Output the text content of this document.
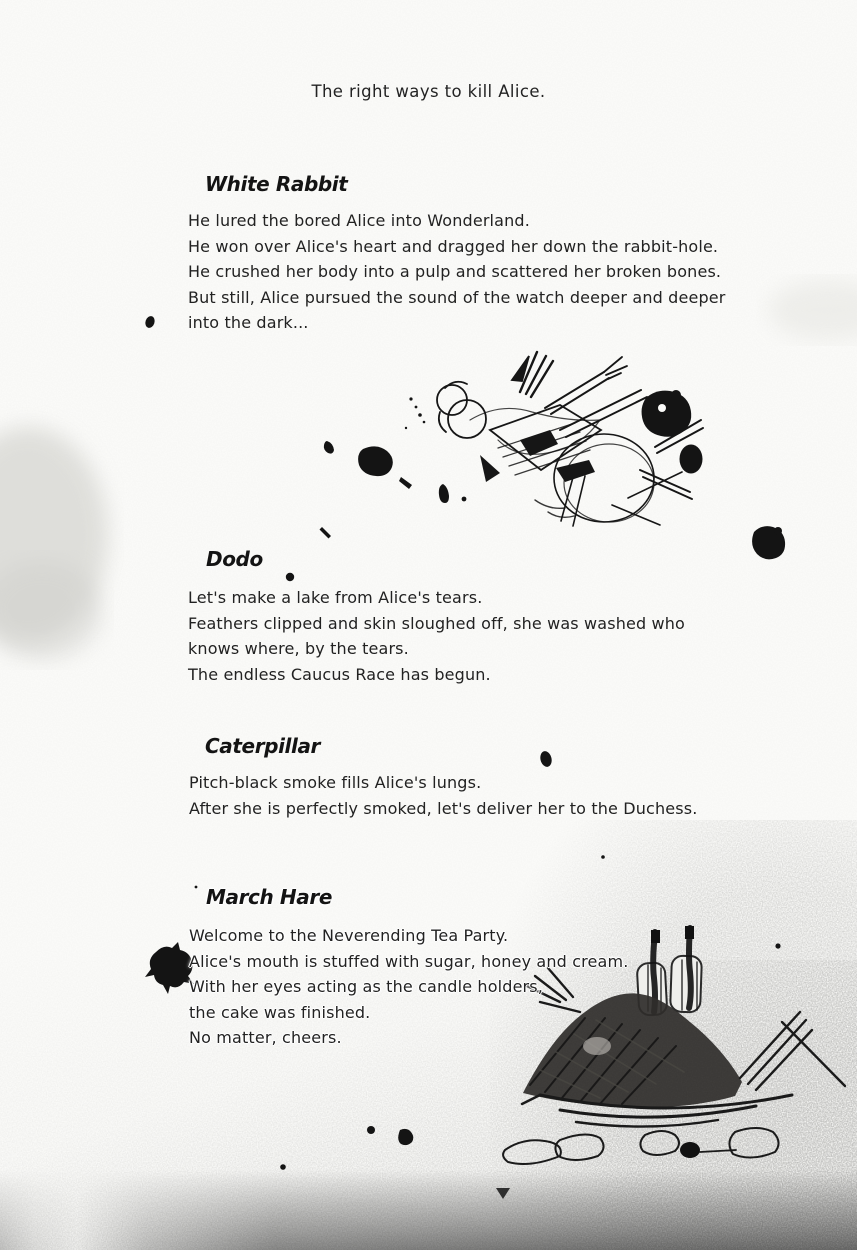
The right ways to kill Alice.
White Rabbit
He lured the bored Alice into Wonderland.
He won over Alice's heart and dragged her down the rabbit-hole.
He crushed her body into a pulp and scattered her broken bones.
But still, Alice pursued the sound of the watch deeper and deeper
into the dark...
Dodo
Let's make a lake from Alice's tears.
Feathers clipped and skin sloughed off, she was washed who
knows where, by the tears.
The endless Caucus Race has begun.
Caterpillar
Pitch-black smoke fills Alice's lungs.
After she is perfectly smoked, let's deliver her to the Duchess.
March Hare
Welcome to the Neverending Tea Party.
Alice's mouth is stuffed with sugar, honey and cream.
With her eyes acting as the candle holders,
the cake was finished.
No matter, cheers.
